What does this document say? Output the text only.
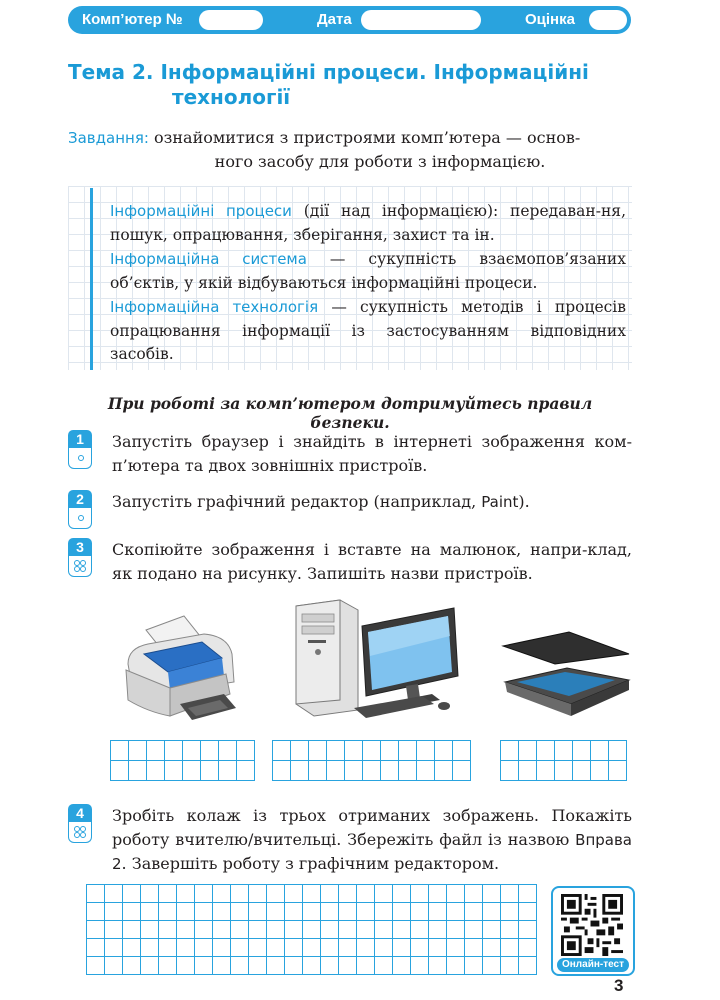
Комп’ютер №	Дата	Оцінка
Тема 2. Інформаційні процеси. Інформаційні
технології
Завдання: ознайомитися з пристроями комп’ютера — основ-
ного засобу для роботи з інформацією.

Інформаційні процеси (дії над інформацією): передаван-ня, пошук, опрацювання, зберігання, захист та ін.

Інформаційна система — сукупність взаємопов’язаних об’єктів, у якій відбуваються інформаційні процеси.

Інформаційна технологія — сукупність методів і процесів опрацювання інформації із застосуванням відповідних засобів.

При роботі за комп’ютером дотримуйтесь правил безпеки.
1	Запустіть браузер і знайдіть в інтернеті зображення ком-п’ютера та двох зовнішніх пристроїв.
2	Запустіть графічний редактор (наприклад, Paint).
3	Скопіюйте зображення і вставте на малюнок, напри-клад, як подано на рисунку. Запишіть назви пристроїв.
4	Зробіть колаж із трьох отриманих зображень. Покажіть роботу вчителю/вчительці. Збережіть файл із назвою Вправа 2. Завершіть роботу з графічним редактором.
Онлайн-тест
3
